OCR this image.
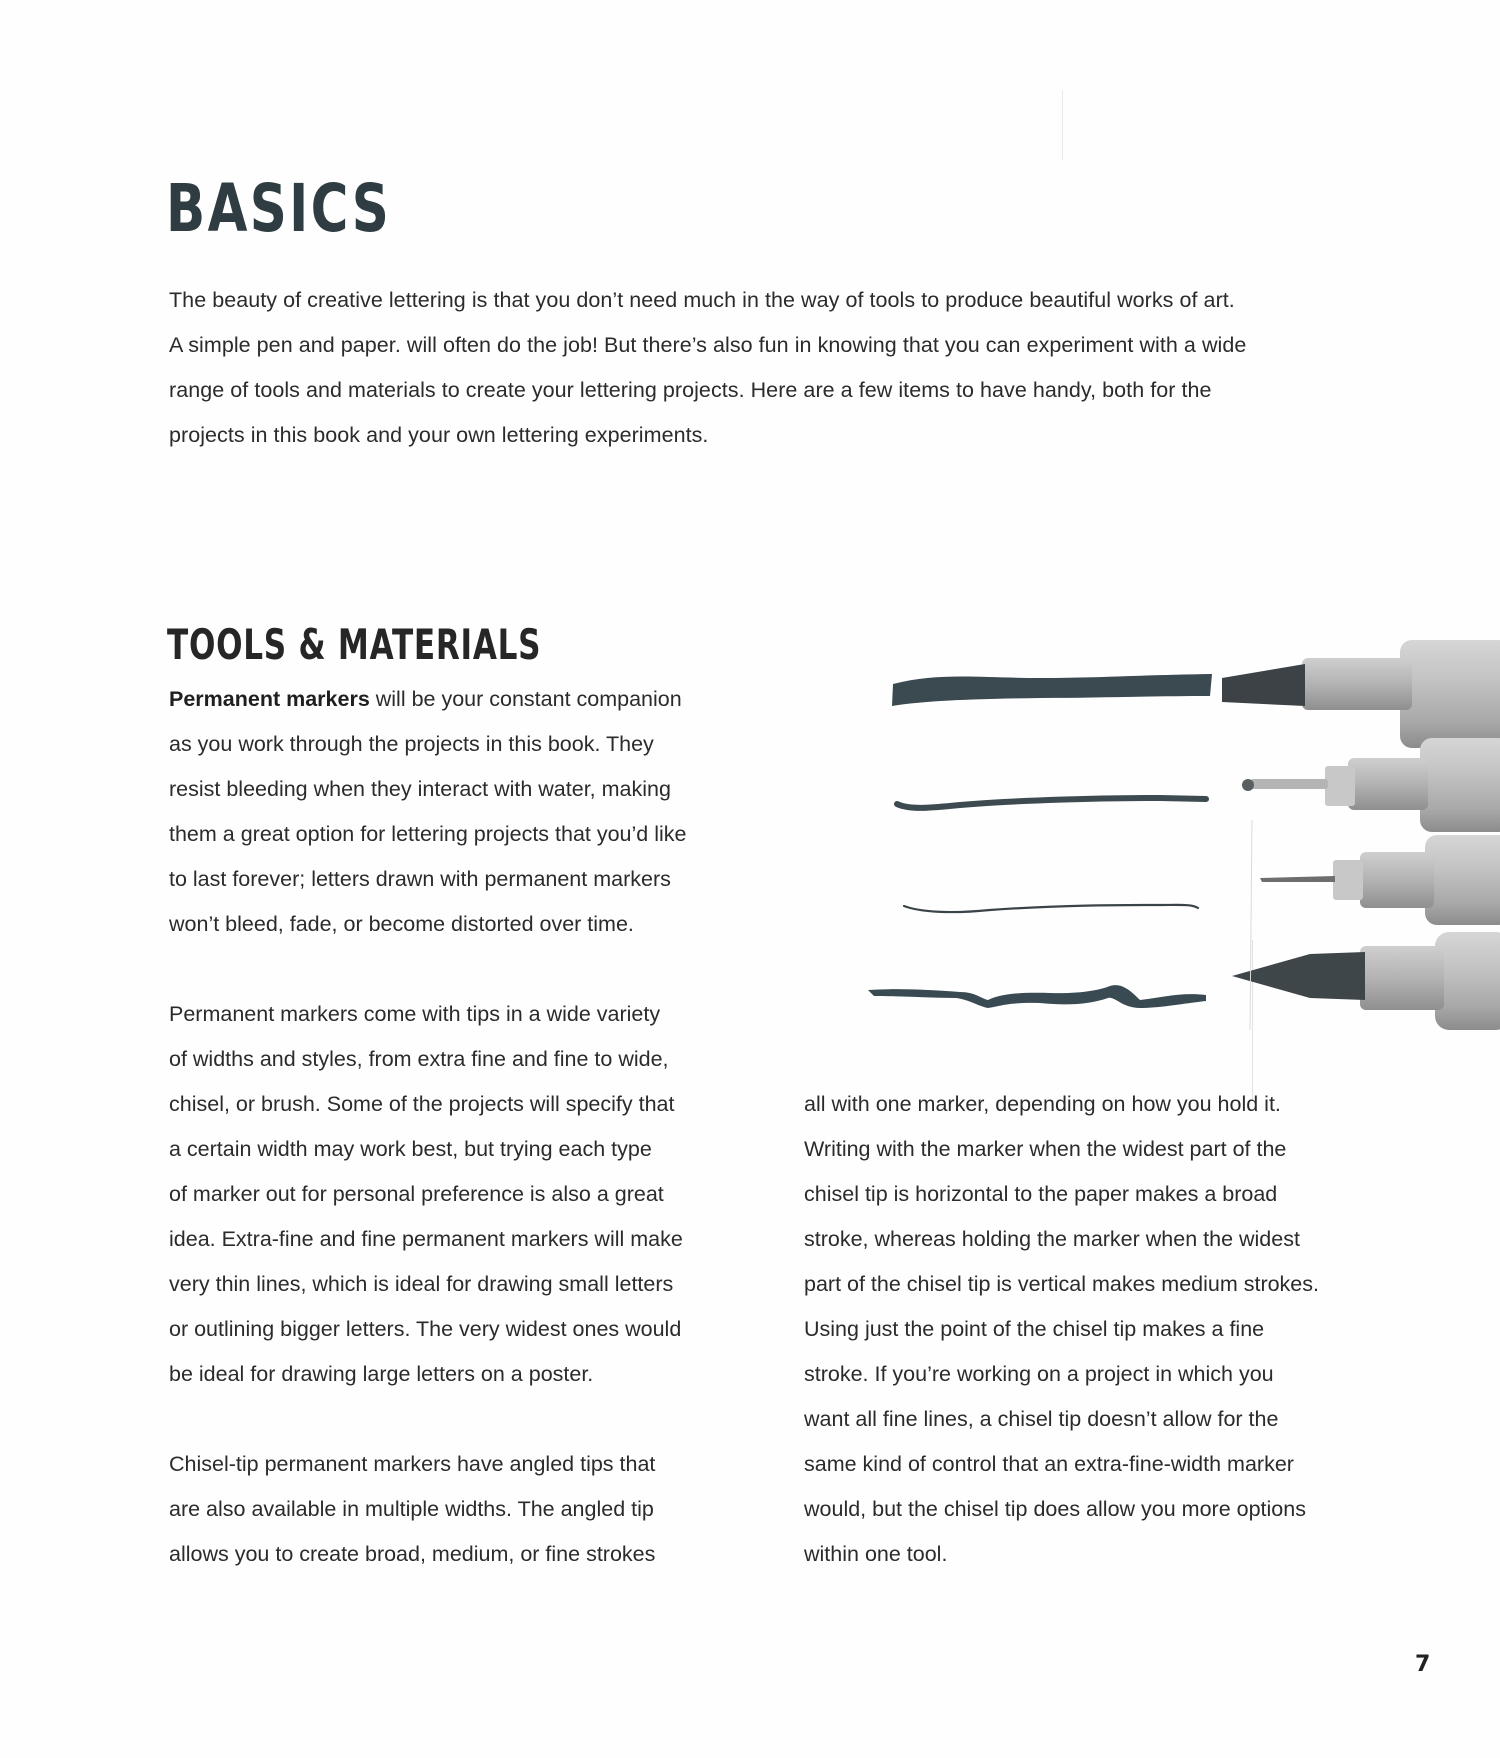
BASICS

The beauty of creative lettering is that you don’t need much in the way of tools to produce beautiful works of art.
A simple pen and paper. will often do the job! But there’s also fun in knowing that you can experiment with a wide
range of tools and materials to create your lettering projects. Here are a few items to have handy, both for the
projects in this book and your own lettering experiments.

TOOLS & MATERIALS

Permanent markers will be your constant companion
as you work through the projects in this book. They
resist bleeding when they interact with water, making
them a great option for lettering projects that you’d like
to last forever; letters drawn with permanent markers
won’t bleed, fade, or become distorted over time.

Permanent markers come with tips in a wide variety
of widths and styles, from extra fine and fine to wide,
chisel, or brush. Some of the projects will specify that
a certain width may work best, but trying each type
of marker out for personal preference is also a great
idea. Extra-fine and fine permanent markers will make
very thin lines, which is ideal for drawing small letters
or outlining bigger letters. The very widest ones would
be ideal for drawing large letters on a poster.

Chisel-tip permanent markers have angled tips that
are also available in multiple widths. The angled tip
allows you to create broad, medium, or fine strokes

all with one marker, depending on how you hold it.
Writing with the marker when the widest part of the
chisel tip is horizontal to the paper makes a broad
stroke, whereas holding the marker when the widest
part of the chisel tip is vertical makes medium strokes.
Using just the point of the chisel tip makes a fine
stroke. If you’re working on a project in which you
want all fine lines, a chisel tip doesn’t allow for the
same kind of control that an extra-fine-width marker
would, but the chisel tip does allow you more options
within one tool.

7
